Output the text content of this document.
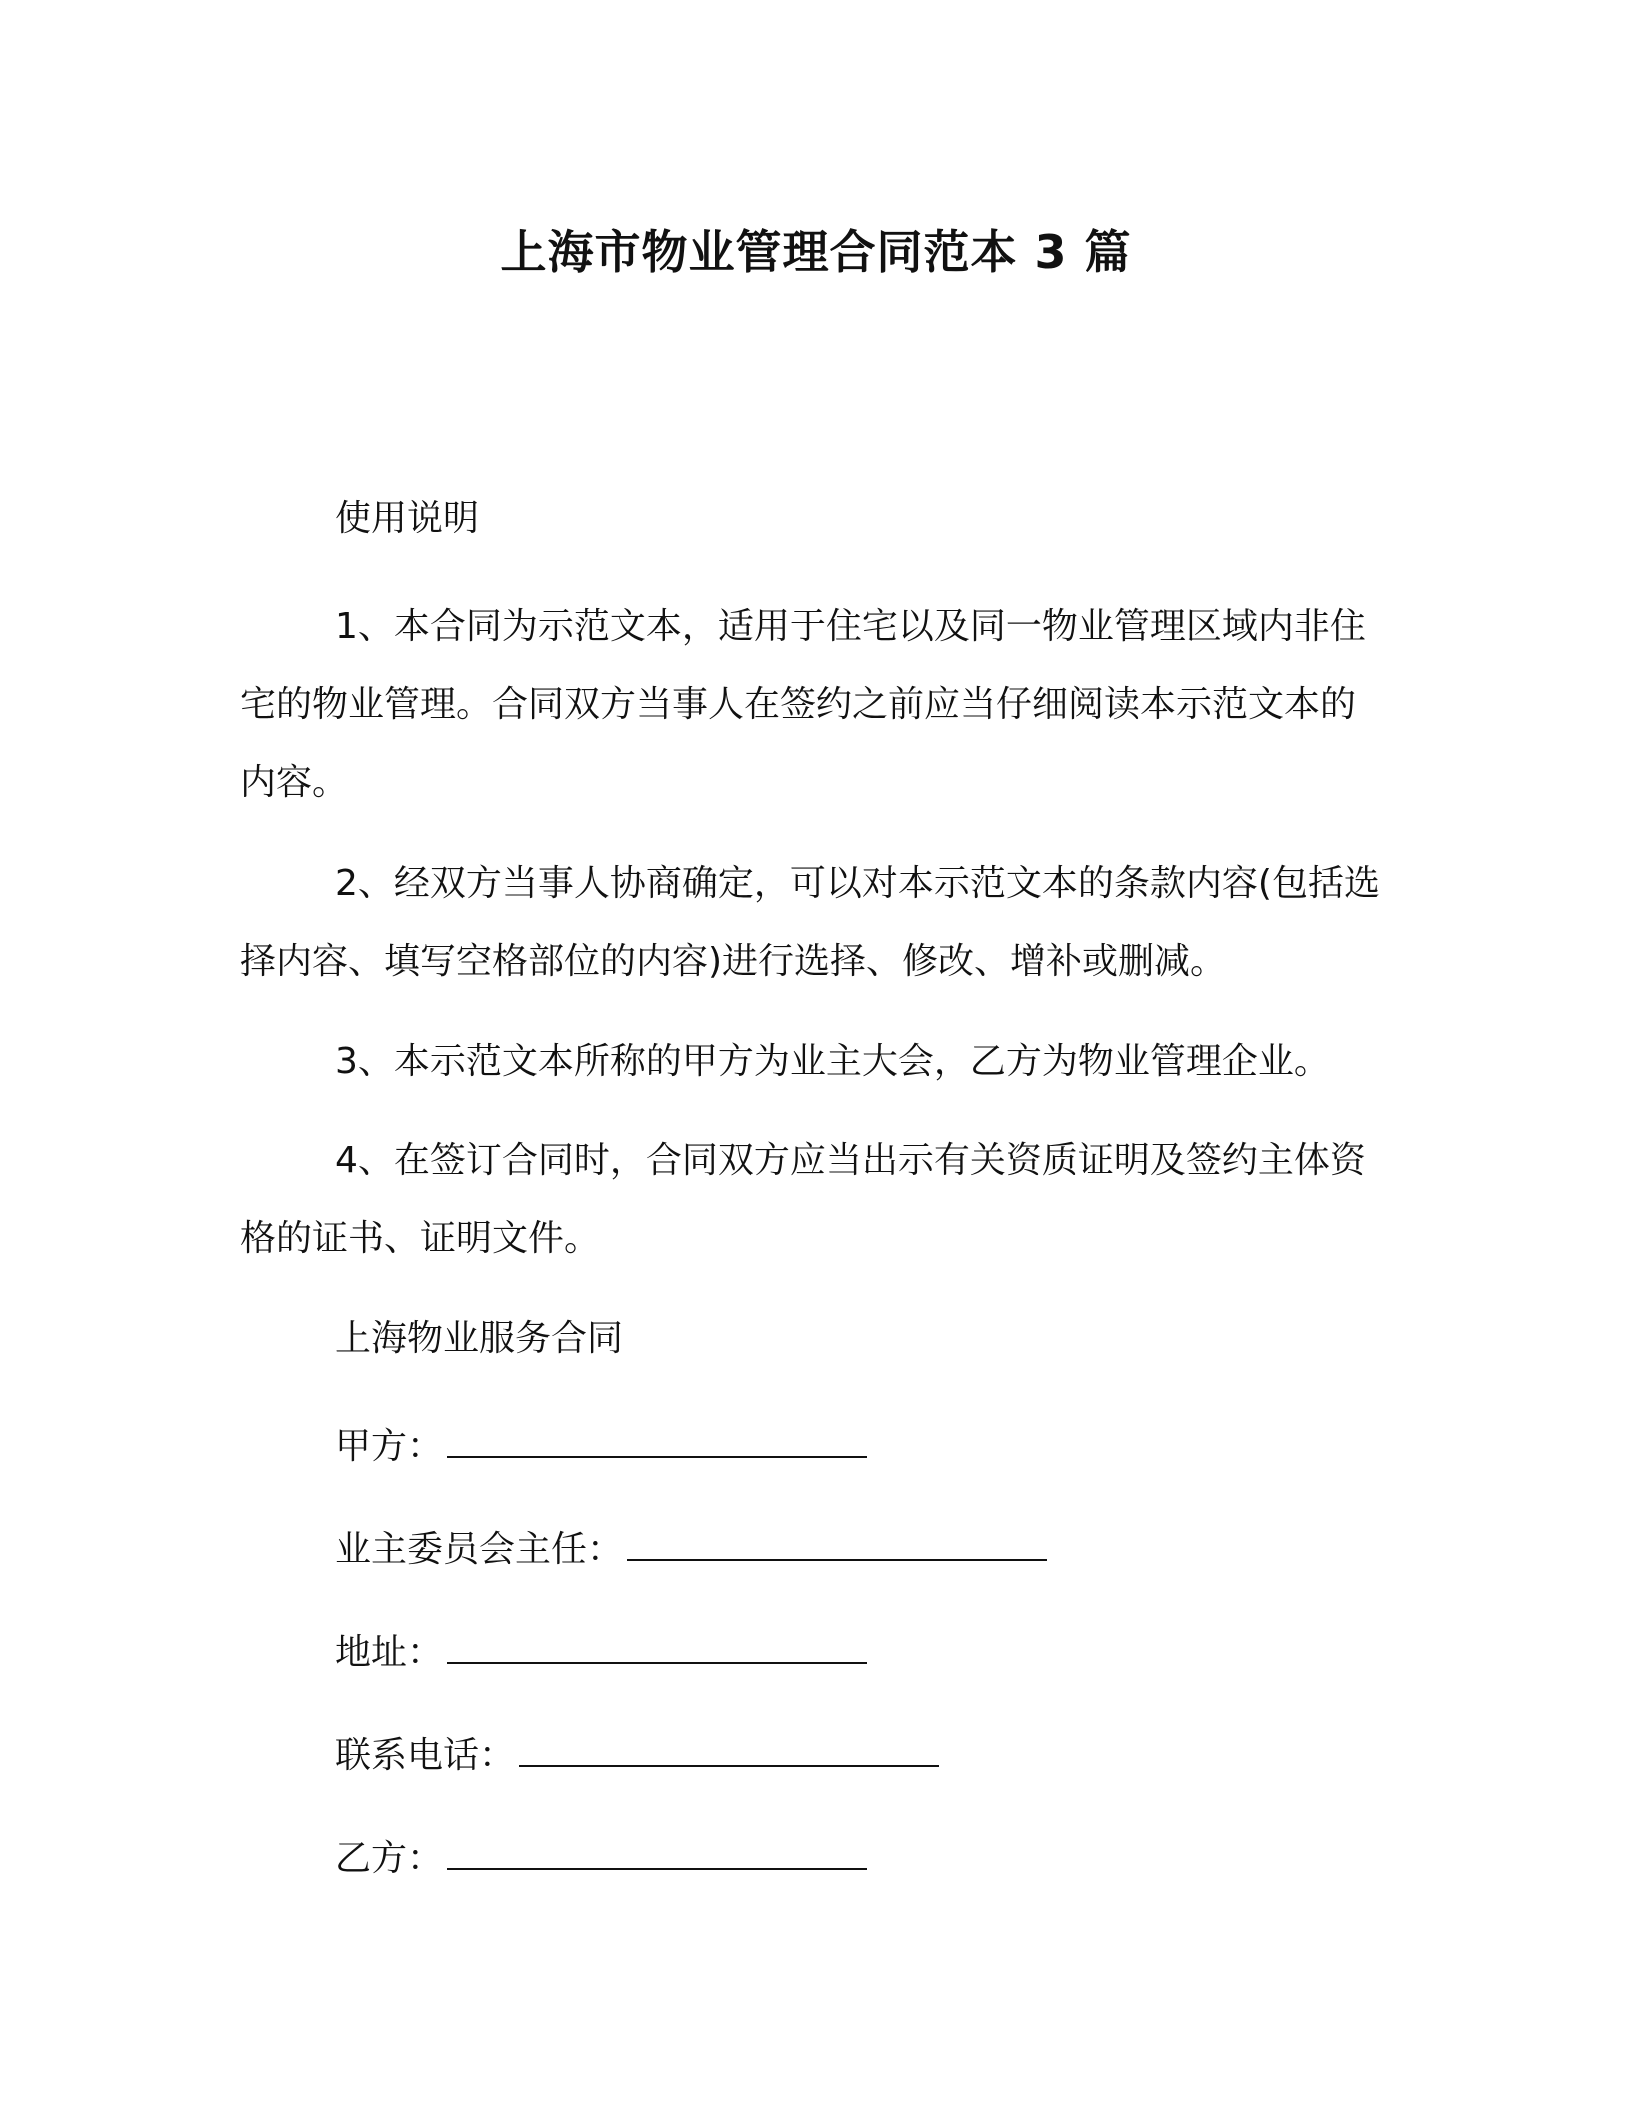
上海市物业管理合同范本 3 篇
使用说明

1、本合同为示范文本，适用于住宅以及同一物业管理区域内非住宅的物业管理。合同双方当事人在签约之前应当仔细阅读本示范文本的内容。

2、经双方当事人协商确定，可以对本示范文本的条款内容(包括选择内容、填写空格部位的内容)进行选择、修改、增补或删减。

3、本示范文本所称的甲方为业主大会，乙方为物业管理企业。

4、在签订合同时，合同双方应当出示有关资质证明及签约主体资格的证书、证明文件。

上海物业服务合同
甲方：
业主委员会主任：
地址：
联系电话：
乙方：
